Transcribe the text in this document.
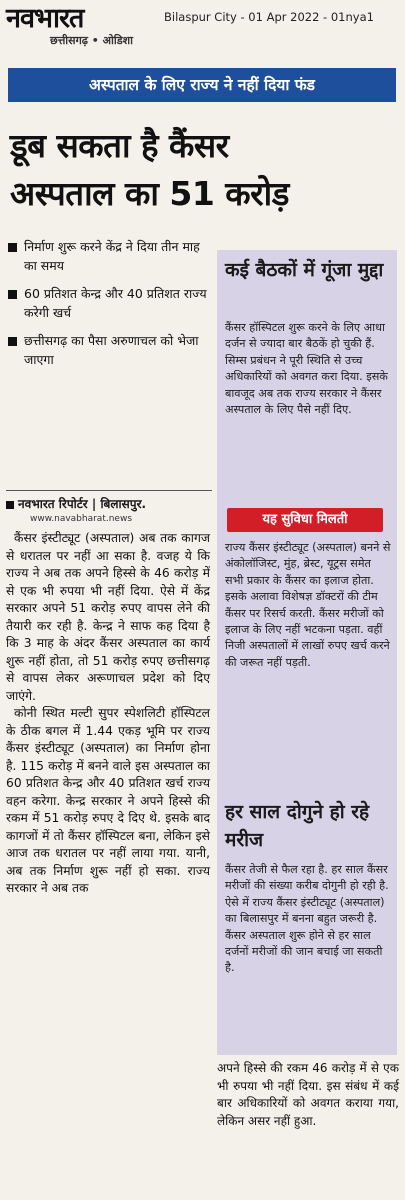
नवभारत
छत्तीसगढ़ • ओडिशा
Bilaspur City - 01 Apr 2022 - 01nya1
अस्पताल के लिए राज्य ने नहीं दिया फंड
डूब सकता है कैंसर
अस्पताल का 51 करोड़
निर्माण शुरू करने केंद्र ने दिया तीन माह का समय
60 प्रतिशत केन्द्र और 40 प्रतिशत राज्य करेगी खर्च
छत्तीसगढ़ का पैसा अरुणाचल को भेजा जाएगा
नवभारत रिपोर्टर | बिलासपुर.
www.navabharat.news

कैंसर इंस्टीट्यूट (अस्पताल) अब तक कागज से धरातल पर नहीं आ सका है. वजह ये कि राज्य ने अब तक अपने हिस्से के 46 करोड़ में से एक भी रुपया भी नहीं दिया. ऐसे में केंद्र सरकार अपने 51 करोड़ रुपए वापस लेने की तैयारी कर रही है. केन्द्र ने साफ कह दिया है कि 3 माह के अंदर कैंसर अस्पताल का कार्य शुरू नहीं होता, तो 51 करोड़ रुपए छत्तीसगढ़ से वापस लेकर अरूणाचल प्रदेश को दिए जाएंगे.

कोनी स्थित मल्टी सुपर स्पेशलिटी हॉस्पिटल के ठीक बगल में 1.44 एकड़ भूमि पर राज्य कैंसर इंस्टीट्यूट (अस्पताल) का निर्माण होना है. 115 करोड़ में बनने वाले इस अस्पताल का 60 प्रतिशत केन्द्र और 40 प्रतिशत खर्च राज्य वहन करेगा. केन्द्र सरकार ने अपने हिस्से की रकम में 51 करोड़ रुपए दे दिए थे. इसके बाद कागजों में तो कैंसर हॉस्पिटल बना, लेकिन इसे आज तक धरातल पर नहीं लाया गया. यानी, अब तक निर्माण शुरू नहीं हो सका. राज्य सरकार ने अब तक

कई बैठकों में गूंजा मुद्दा
कैंसर हॉस्पिटल शुरू करने के लिए आधा दर्जन से ज्यादा बार बैठकें हो चुकी हैं. सिम्स प्रबंधन ने पूरी स्थिति से उच्च अधिकारियों को अवगत करा दिया. इसके बावजूद अब तक राज्य सरकार ने कैंसर अस्पताल के लिए पैसे नहीं दिए.
यह सुविधा मिलती
राज्य कैंसर इंस्टीट्यूट (अस्पताल) बनने से अंकोलॉजिस्ट, मुंह, ब्रेस्ट, यूट्रस समेत सभी प्रकार के कैंसर का इलाज होता. इसके अलावा विशेषज्ञ डॉक्टरों की टीम कैंसर पर रिसर्च करती. कैंसर मरीजों को इलाज के लिए नहीं भटकना पड़ता. वहीं निजी अस्पतालों में लाखों रुपए खर्च करने की जरूत नहीं पड़ती.
हर साल दोगुने हो रहे मरीज
कैंसर तेजी से फैल रहा है. हर साल कैंसर मरीजों की संख्या करीब दोगुनी हो रही है. ऐसे में राज्य कैंसर इंस्टीट्यूट (अस्पताल) का बिलासपुर में बनना बहुत जरूरी है. कैंसर अस्पताल शुरू होने से हर साल दर्जनों मरीजों की जान बचाई जा सकती है.
अपने हिस्से की रकम 46 करोड़ में से एक भी रुपया भी नहीं दिया. इस संबंध में कई बार अधिकारियों को अवगत कराया गया, लेकिन असर नहीं हुआ.
